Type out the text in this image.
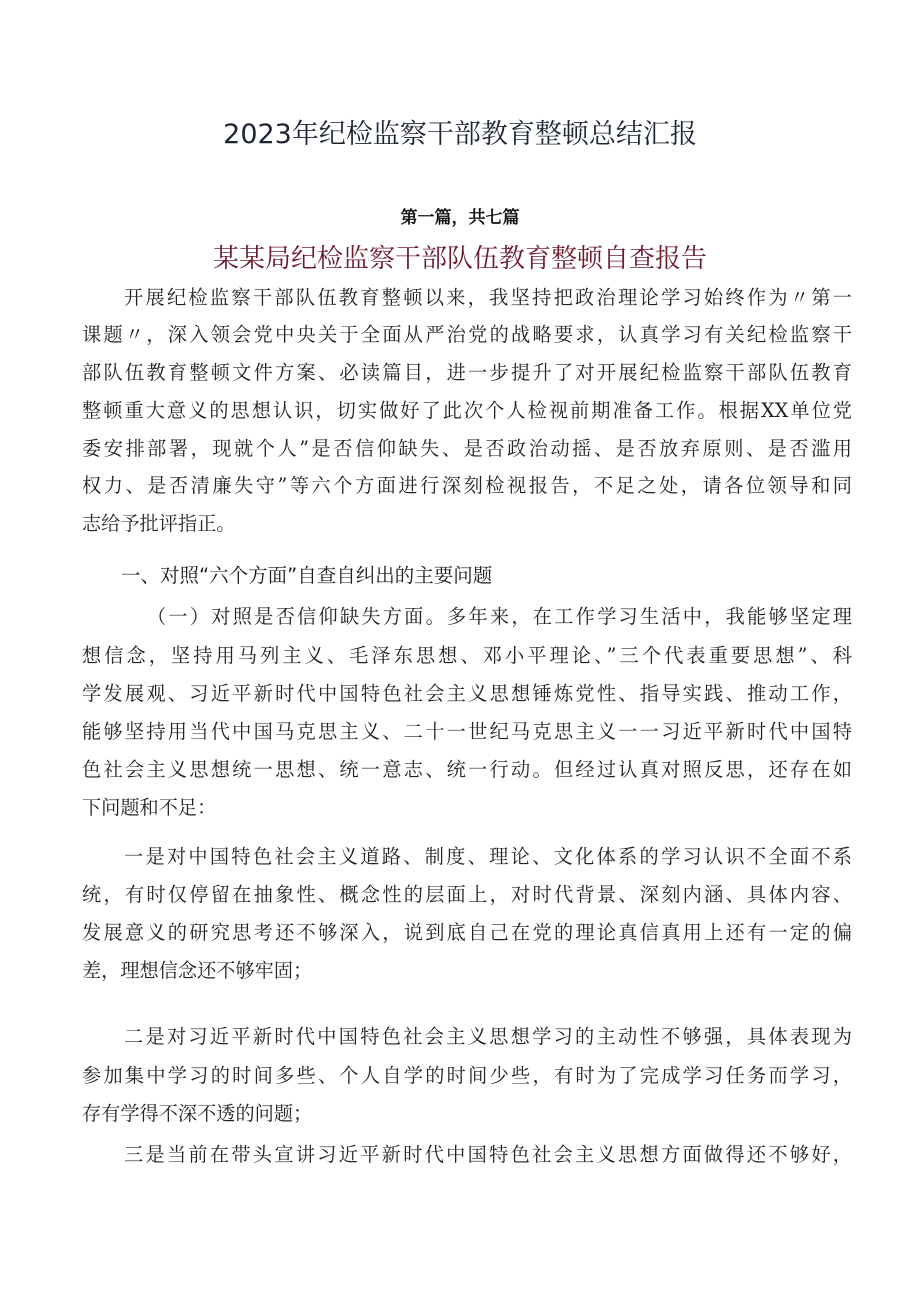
2023年纪检监察干部教育整顿总结汇报
第一篇，共七篇
某某局纪检监察干部队伍教育整顿自查报告
开展纪检监察干部队伍教育整顿以来，我坚持把政治理论学习始终作为〃第一
课题〃，深入领会党中央关于全面从严治党的战略要求，认真学习有关纪检监察干
部队伍教育整顿文件方案、必读篇目，进一步提升了对开展纪检监察干部队伍教育
整顿重大意义的思想认识，切实做好了此次个人检视前期准备工作。根据XX单位党
委安排部署，现就个人”是否信仰缺失、是否政治动摇、是否放弃原则、是否滥用
权力、是否清廉失守”等六个方面进行深刻检视报告，不足之处，请各位领导和同
志给予批评指正。
一、对照“六个方面”自查自纠出的主要问题
（一）对照是否信仰缺失方面。多年来，在工作学习生活中，我能够坚定理
想信念，坚持用马列主义、毛泽东思想、邓小平理论、”三个代表重要思想”、科
学发展观、习近平新时代中国特色社会主义思想锤炼党性、指导实践、推动工作，
能够坚持用当代中国马克思主义、二十一世纪马克思主义一一习近平新时代中国特
色社会主义思想统一思想、统一意志、统一行动。但经过认真对照反思，还存在如
下问题和不足：
一是对中国特色社会主义道路、制度、理论、文化体系的学习认识不全面不系
统，有时仅停留在抽象性、概念性的层面上，对时代背景、深刻内涵、具体内容、
发展意义的研究思考还不够深入，说到底自己在党的理论真信真用上还有一定的偏
差，理想信念还不够牢固；
二是对习近平新时代中国特色社会主义思想学习的主动性不够强，具体表现为
参加集中学习的时间多些、个人自学的时间少些，有时为了完成学习任务而学习，
存有学得不深不透的问题；
三是当前在带头宣讲习近平新时代中国特色社会主义思想方面做得还不够好，
